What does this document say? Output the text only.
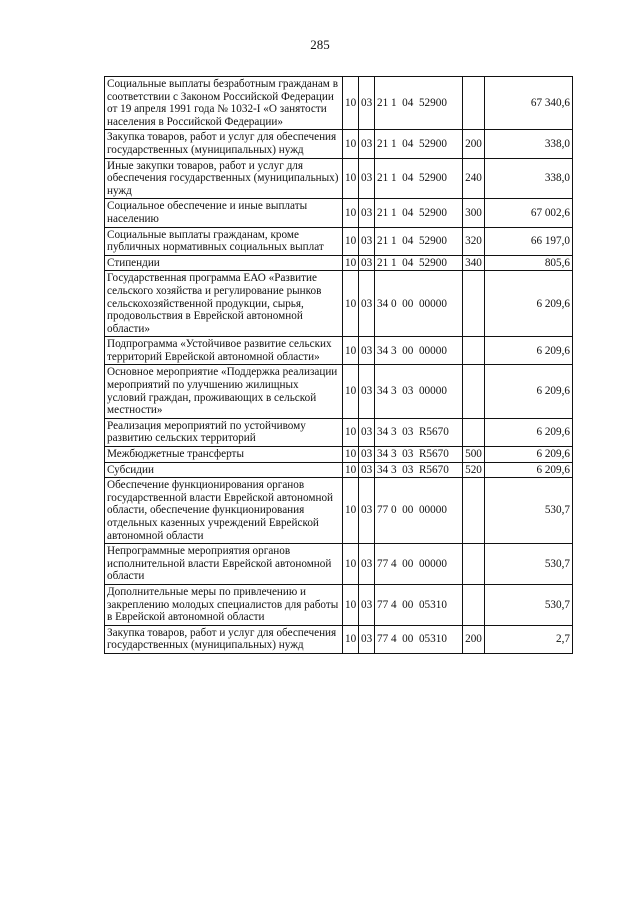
285
Социальные выплаты безработным гражданам в соответствии с Законом Российской Федерации от 19 апреля 1991 года № 1032-I «О занятости населения в Российской Федерации»	10	03	21 1  04  52900		67 340,6
Закупка товаров, работ и услуг для обеспечения государственных (муниципальных) нужд	10	03	21 1  04  52900	200	338,0
Иные закупки товаров, работ и услуг для обеспечения государственных (муниципальных) нужд	10	03	21 1  04  52900	240	338,0
Социальное обеспечение и иные выплаты населению	10	03	21 1  04  52900	300	67 002,6
Социальные выплаты гражданам, кроме публичных нормативных социальных выплат	10	03	21 1  04  52900	320	66 197,0
Стипендии	10	03	21 1  04  52900	340	805,6
Государственная программа ЕАО «Развитие сельского хозяйства и регулирование рынков сельскохозяйственной продукции, сырья, продовольствия в Еврейской автономной области»	10	03	34 0  00  00000		6 209,6
Подпрограмма «Устойчивое развитие сельских территорий Еврейской автономной области»	10	03	34 3  00  00000		6 209,6
Основное мероприятие «Поддержка реализации мероприятий по улучшению жилищных условий граждан, проживающих в сельской местности»	10	03	34 3  03  00000		6 209,6
Реализация мероприятий по устойчивому развитию сельских территорий	10	03	34 3  03  R5670		6 209,6
Межбюджетные трансферты	10	03	34 3  03  R5670	500	6 209,6
Субсидии	10	03	34 3  03  R5670	520	6 209,6
Обеспечение функционирования органов государственной власти Еврейской автономной области, обеспечение функционирования отдельных казенных учреждений Еврейской автономной области	10	03	77 0  00  00000		530,7
Непрограммные мероприятия органов исполнительной власти Еврейской автономной области	10	03	77 4  00  00000		530,7
Дополнительные меры по привлечению и закреплению молодых специалистов для работы в Еврейской автономной области	10	03	77 4  00  05310		530,7
Закупка товаров, работ и услуг для обеспечения государственных (муниципальных) нужд	10	03	77 4  00  05310	200	2,7
